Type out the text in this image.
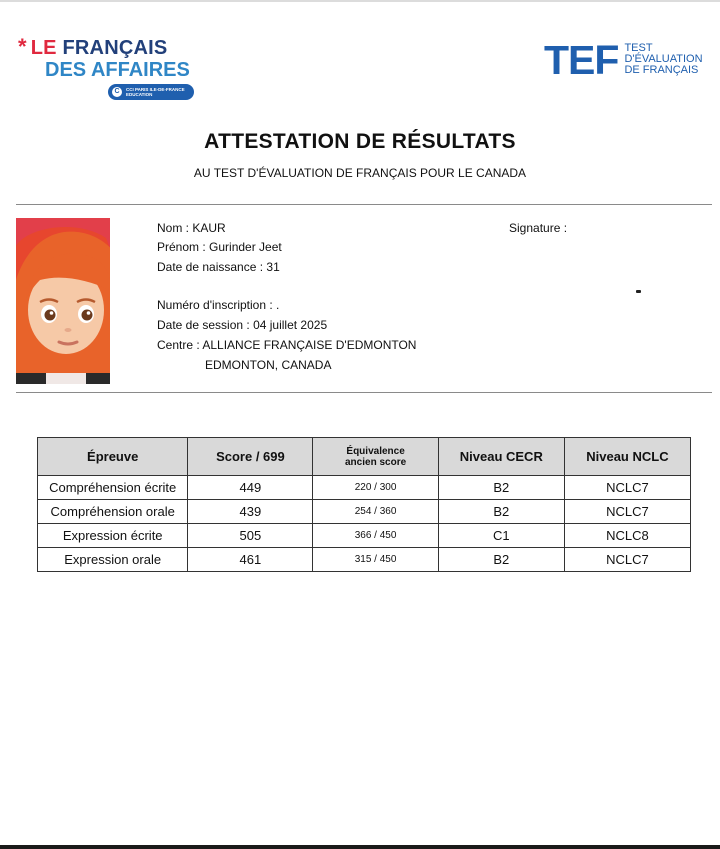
* LE FRANÇAIS
DES AFFAIRES
C	CCI PARIS ILE-DE-FRANCE
EDUCATION
TEF TEST
D'ÉVALUATION
DE FRANÇAIS
ATTESTATION DE RÉSULTATS
AU TEST D'ÉVALUATION DE FRANÇAIS POUR LE CANADA
Nom : KAUR
Prénom : Gurinder Jeet
Date de naissance : 31
Numéro d'inscription : .
Date de session : 04 juillet 2025
Centre : ALLIANCE FRANÇAISE D'EDMONTON
EDMONTON, CANADA
Signature :
Épreuve	Score / 699	Équivalence
ancien score	Niveau CECR	Niveau NCLC
Compréhension écrite	449	220 / 300	B2	NCLC7
Compréhension orale	439	254 / 360	B2	NCLC7
Expression écrite	505	366 / 450	C1	NCLC8
Expression orale	461	315 / 450	B2	NCLC7
